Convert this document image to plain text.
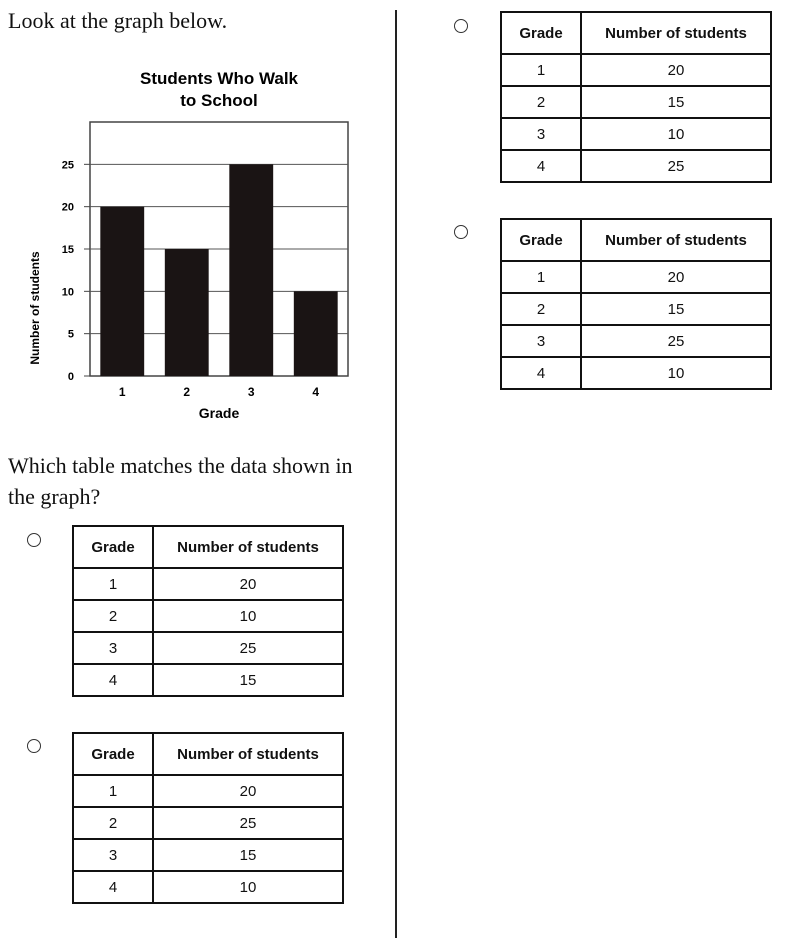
Look at the graph below.
Students Who Walk
to School
0
5
10
15
20
25
1	2	3	4
Grade
Number of students
Which table matches the data shown in the graph?
Grade	Number of students
1	20
2	10
3	25
4	15
Grade	Number of students
1	20
2	25
3	15
4	10
Grade	Number of students
1	20
2	15
3	10
4	25
Grade	Number of students
1	20
2	15
3	25
4	10
